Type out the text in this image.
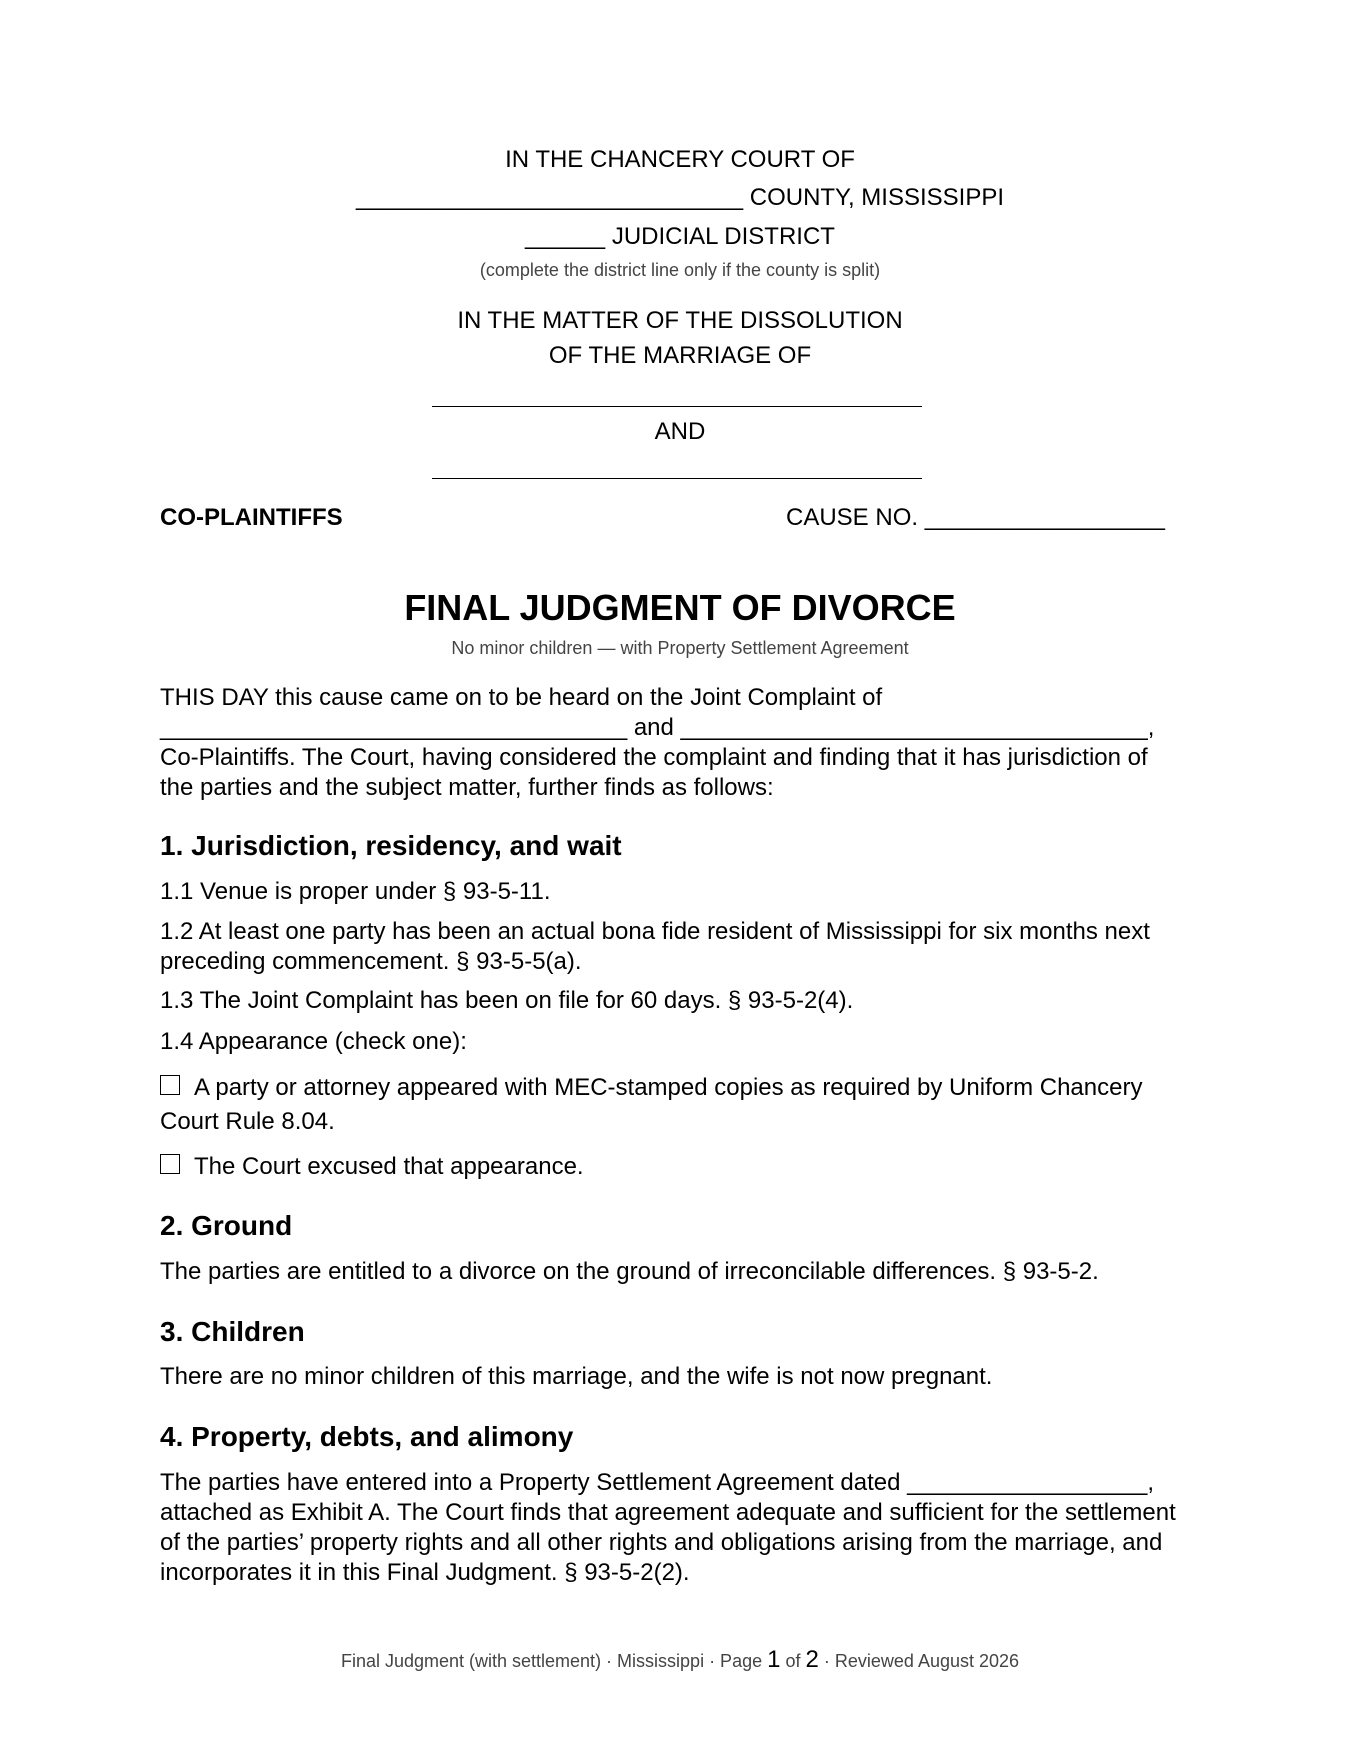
IN THE CHANCERY COURT OF
_____________________________ COUNTY, MISSISSIPPI
______ JUDICIAL DISTRICT
(complete the district line only if the county is split)
IN THE MATTER OF THE DISSOLUTION
OF THE MARRIAGE OF
AND
CO-PLAINTIFFS	CAUSE NO. __________________
FINAL JUDGMENT OF DIVORCE
No minor children — with Property Settlement Agreement
THIS DAY this cause came on to be heard on the Joint Complaint of
___________________________________ and ___________________________________,
Co-Plaintiffs. The Court, having considered the complaint and finding that it has jurisdiction of
the parties and the subject matter, further finds as follows:
1. Jurisdiction, residency, and wait
1.1 Venue is proper under § 93-5-11.
1.2 At least one party has been an actual bona fide resident of Mississippi for six months next
preceding commencement. § 93-5-5(a).
1.3 The Joint Complaint has been on file for 60 days. § 93-5-2(4).
1.4 Appearance (check one):
A party or attorney appeared with MEC-stamped copies as required by Uniform Chancery
Court Rule 8.04.
The Court excused that appearance.
2. Ground
The parties are entitled to a divorce on the ground of irreconcilable differences. § 93-5-2.
3. Children
There are no minor children of this marriage, and the wife is not now pregnant.
4. Property, debts, and alimony
The parties have entered into a Property Settlement Agreement dated __________________,
attached as Exhibit A. The Court finds that agreement adequate and sufficient for the settlement
of the parties’ property rights and all other rights and obligations arising from the marriage, and
incorporates it in this Final Judgment. § 93-5-2(2).
Final Judgment (with settlement) · Mississippi · Page 1 of 2 · Reviewed August 2026
